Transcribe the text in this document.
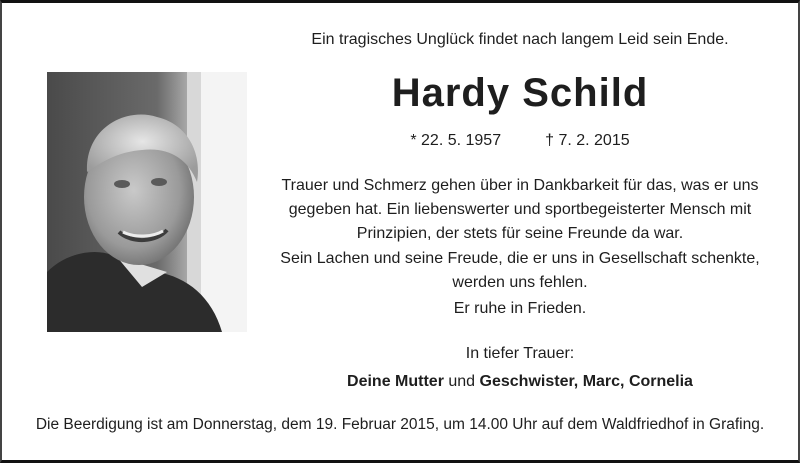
Ein tragisches Unglück findet nach langem Leid sein Ende.
Hardy Schild
* 22. 5. 1957	† 7. 2. 2015
Trauer und Schmerz gehen über in Dankbarkeit für das, was er uns
gegeben hat. Ein liebenswerter und sportbegeisterter Mensch mit
Prinzipien, der stets für seine Freunde da war.
Sein Lachen und seine Freude, die er uns in Gesellschaft schenkte,
werden uns fehlen.
Er ruhe in Frieden.
In tiefer Trauer:
Deine Mutter und Geschwister, Marc, Cornelia
Die Beerdigung ist am Donnerstag, dem 19. Februar 2015, um 14.00 Uhr auf dem Waldfriedhof in Grafing.
